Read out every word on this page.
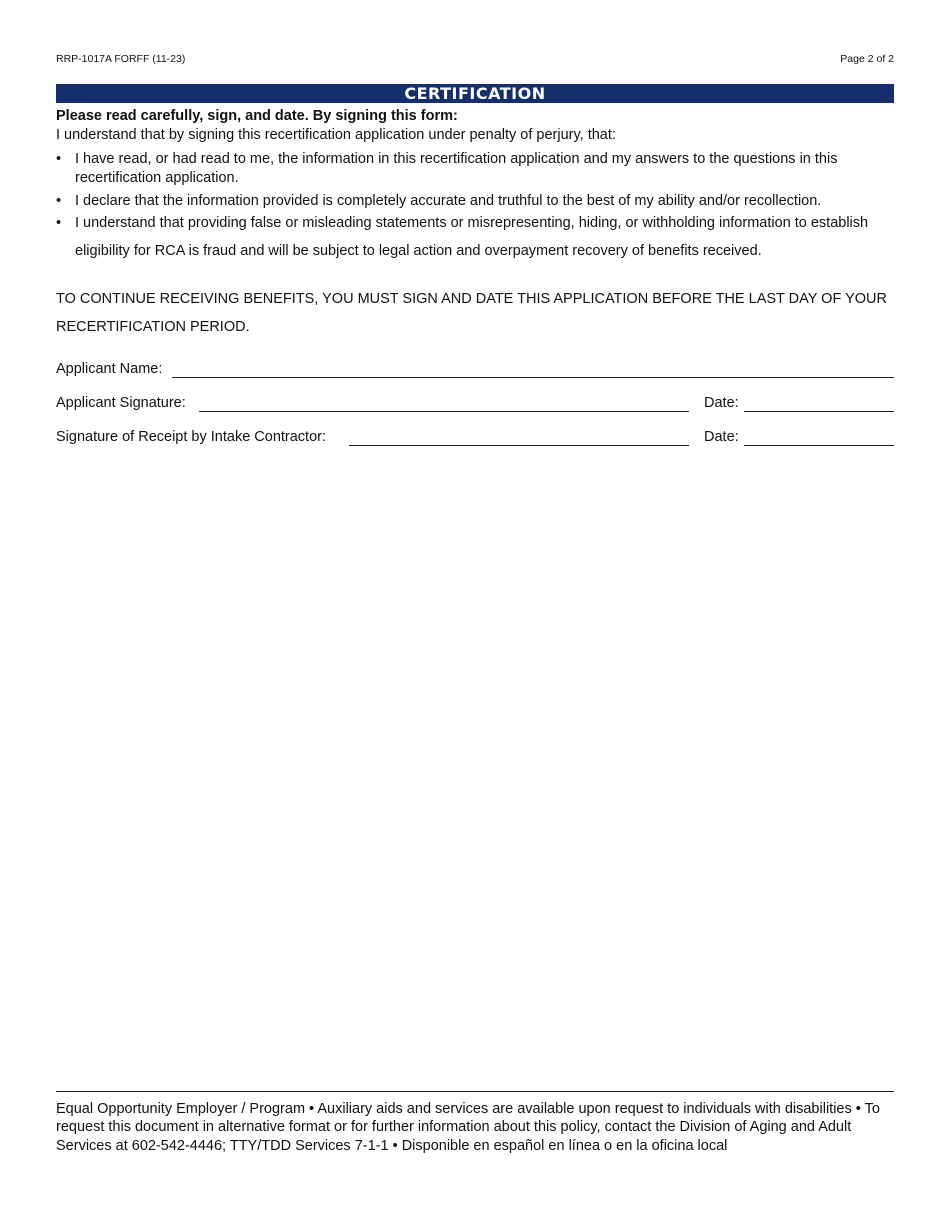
RRP-1017A FORFF (11-23)	Page 2 of 2
CERTIFICATION
Please read carefully, sign, and date. By signing this form:
I understand that by signing this recertification application under penalty of perjury, that:
• I have read, or had read to me, the information in this recertification application and my answers to the questions in this recertification application.
• I declare that the information provided is completely accurate and truthful to the best of my ability and/or recollection.
• I understand that providing false or misleading statements or misrepresenting, hiding, or withholding information to establish eligibility for RCA is fraud and will be subject to legal action and overpayment recovery of benefits received.
TO CONTINUE RECEIVING BENEFITS, YOU MUST SIGN AND DATE THIS APPLICATION BEFORE THE LAST DAY OF YOUR RECERTIFICATION PERIOD.
Applicant Name:
Applicant Signature:	Date:
Signature of Receipt by Intake Contractor:	Date:
Equal Opportunity Employer / Program • Auxiliary aids and services are available upon request to individuals with disabilities • To request this document in alternative format or for further information about this policy, contact the Division of Aging and Adult Services at 602-542-4446; TTY/TDD Services 7-1-1 • Disponible en español en línea o en la oficina local
